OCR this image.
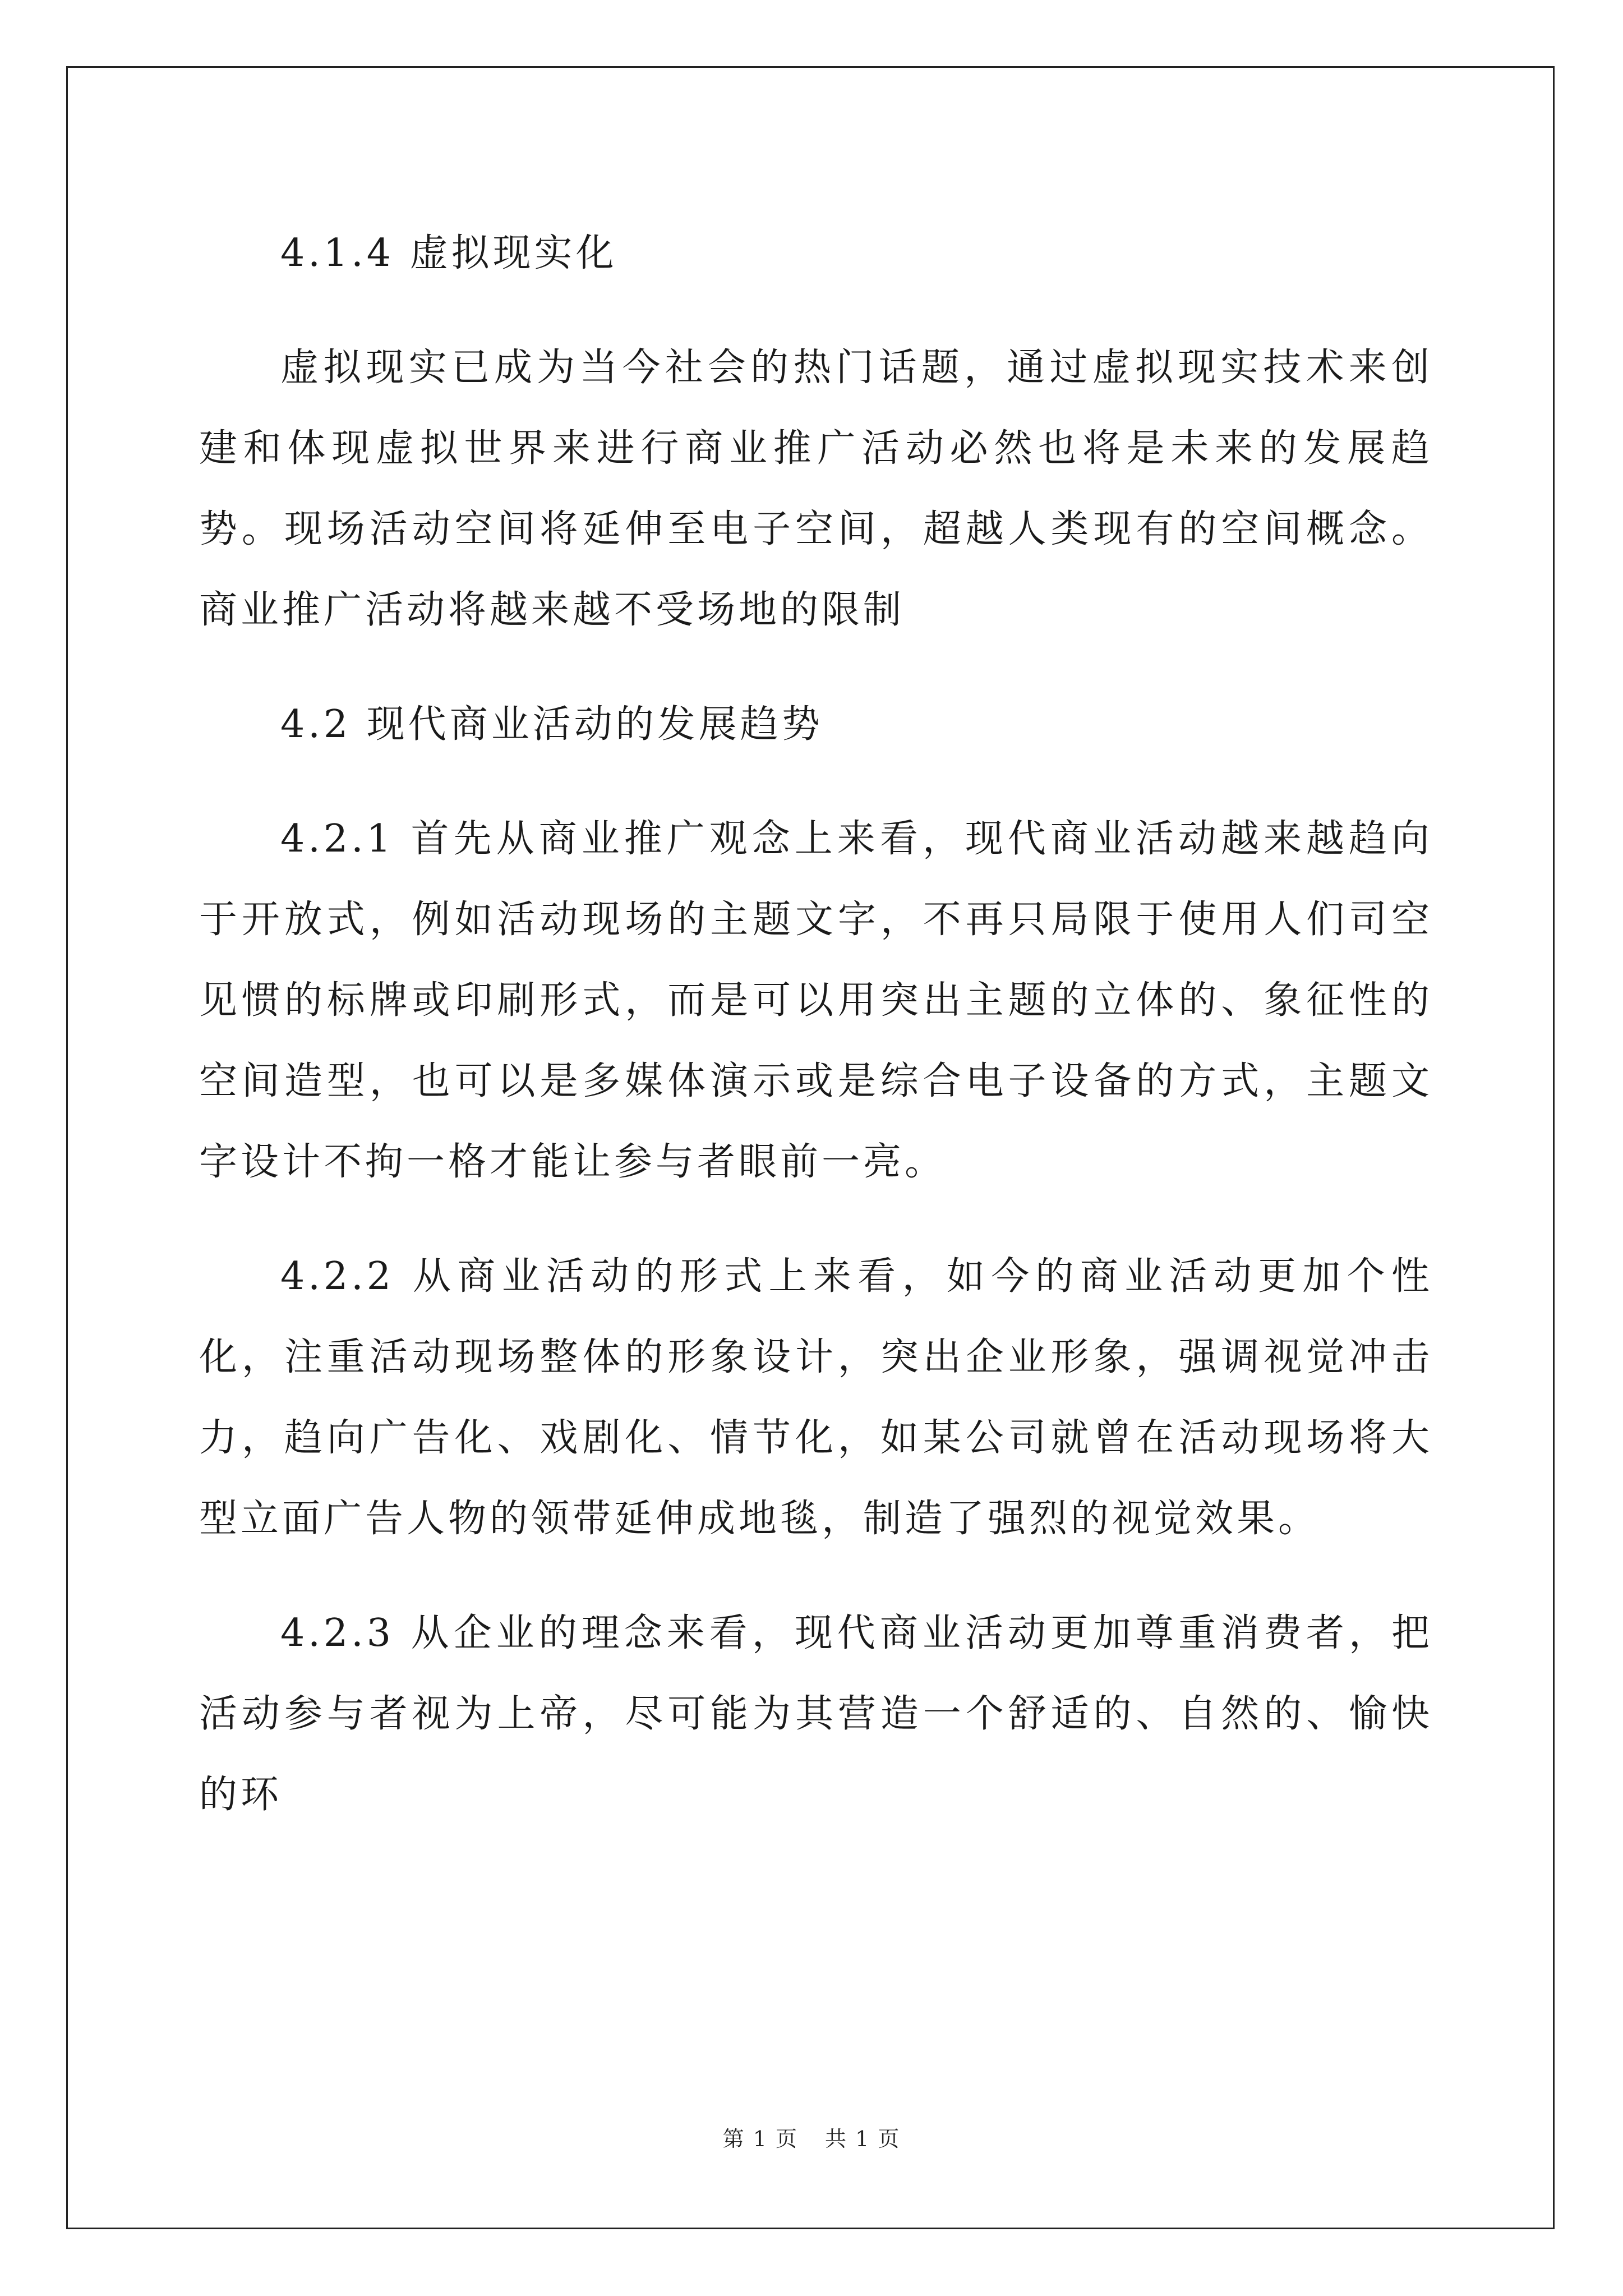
4.1.4 虚拟现实化

虚拟现实已成为当今社会的热门话题，通过虚拟现实技术来创建和体现虚拟世界来进行商业推广活动必然也将是未来的发展趋势。现场活动空间将延伸至电子空间，超越人类现有的空间概念。商业推广活动将越来越不受场地的限制

4.2 现代商业活动的发展趋势

4.2.1 首先从商业推广观念上来看，现代商业活动越来越趋向于开放式，例如活动现场的主题文字，不再只局限于使用人们司空见惯的标牌或印刷形式，而是可以用突出主题的立体的、象征性的空间造型，也可以是多媒体演示或是综合电子设备的方式，主题文字设计不拘一格才能让参与者眼前一亮。

4.2.2 从商业活动的形式上来看，如今的商业活动更加个性化，注重活动现场整体的形象设计，突出企业形象，强调视觉冲击力，趋向广告化、戏剧化、情节化，如某公司就曾在活动现场将大型立面广告人物的领带延伸成地毯，制造了强烈的视觉效果。

4.2.3 从企业的理念来看，现代商业活动更加尊重消费者，把活动参与者视为上帝，尽可能为其营造一个舒适的、自然的、愉快的环

第 1 页 共 1 页
